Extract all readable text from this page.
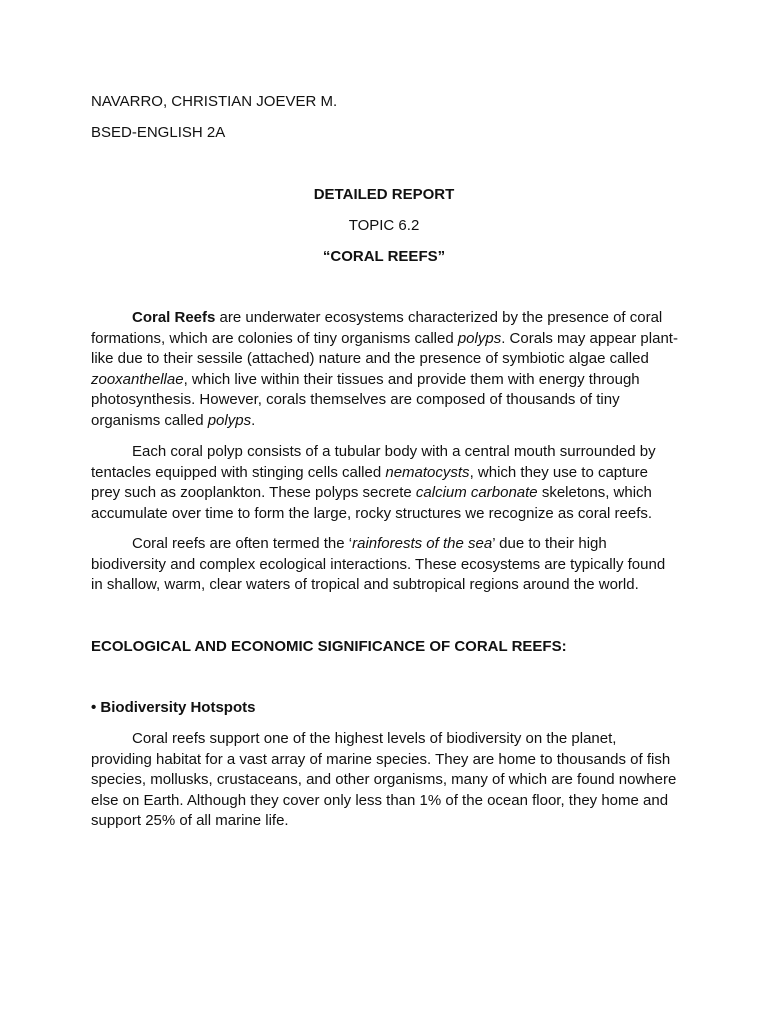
NAVARRO, CHRISTIAN JOEVER M.
BSED-ENGLISH 2A
DETAILED REPORT
TOPIC 6.2
“CORAL REEFS”

Coral Reefs are underwater ecosystems characterized by the presence of coral formations, which are colonies of tiny organisms called polyps. Corals may appear plant-like due to their sessile (attached) nature and the presence of symbiotic algae called zooxanthellae, which live within their tissues and provide them with energy through photosynthesis. However, corals themselves are composed of thousands of tiny organisms called polyps.

Each coral polyp consists of a tubular body with a central mouth surrounded by tentacles equipped with stinging cells called nematocysts, which they use to capture prey such as zooplankton. These polyps secrete calcium carbonate skeletons, which accumulate over time to form the large, rocky structures we recognize as coral reefs.

Coral reefs are often termed the ‘rainforests of the sea’ due to their high biodiversity and complex ecological interactions. These ecosystems are typically found in shallow, warm, clear waters of tropical and subtropical regions around the world.

ECOLOGICAL AND ECONOMIC SIGNIFICANCE OF CORAL REEFS:
• Biodiversity Hotspots

Coral reefs support one of the highest levels of biodiversity on the planet, providing habitat for a vast array of marine species. They are home to thousands of fish species, mollusks, crustaceans, and other organisms, many of which are found nowhere else on Earth. Although they cover only less than 1% of the ocean floor, they home and support 25% of all marine life.
